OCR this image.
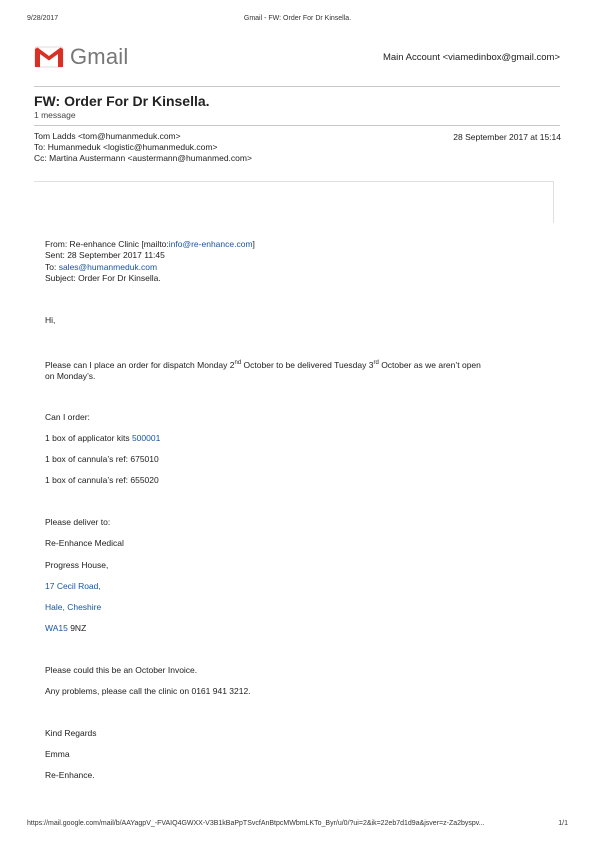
9/28/2017	Gmail - FW: Order For Dr Kinsella.
Gmail	Main Account <viamedinbox@gmail.com>
FW: Order For Dr Kinsella.
1 message
Tom Ladds <tom@humanmeduk.com>	28 September 2017 at 15:14
To: Humanmeduk <logistic@humanmeduk.com>
Cc: Martina Austermann <austermann@humanmed.com>
From: Re-enhance Clinic [mailto:info@re-enhance.com]
Sent: 28 September 2017 11:45
To: sales@humanmeduk.com
Subject: Order For Dr Kinsella.
Hi,
Please can I place an order for dispatch Monday 2nd October to be delivered Tuesday 3rd October as we aren’t open
on Monday’s.
Can I order:
1 box of applicator kits 500001
1 box of cannula’s ref: 675010
1 box of cannula’s ref: 655020
Please deliver to:
Re-Enhance Medical
Progress House,
17 Cecil Road,
Hale, Cheshire
WA15 9NZ
Please could this be an October Invoice.
Any problems, please call the clinic on 0161 941 3212.
Kind Regards
Emma
Re-Enhance.
https://mail.google.com/mail/b/AAYagpV_-FVAIQ4GWXX-V3B1kBaPpTSvcfAnBtpcMWbmLKTo_Byr/u/0/?ui=2&ik=22eb7d1d9a&jsver=z-Za2byspv...	1/1
